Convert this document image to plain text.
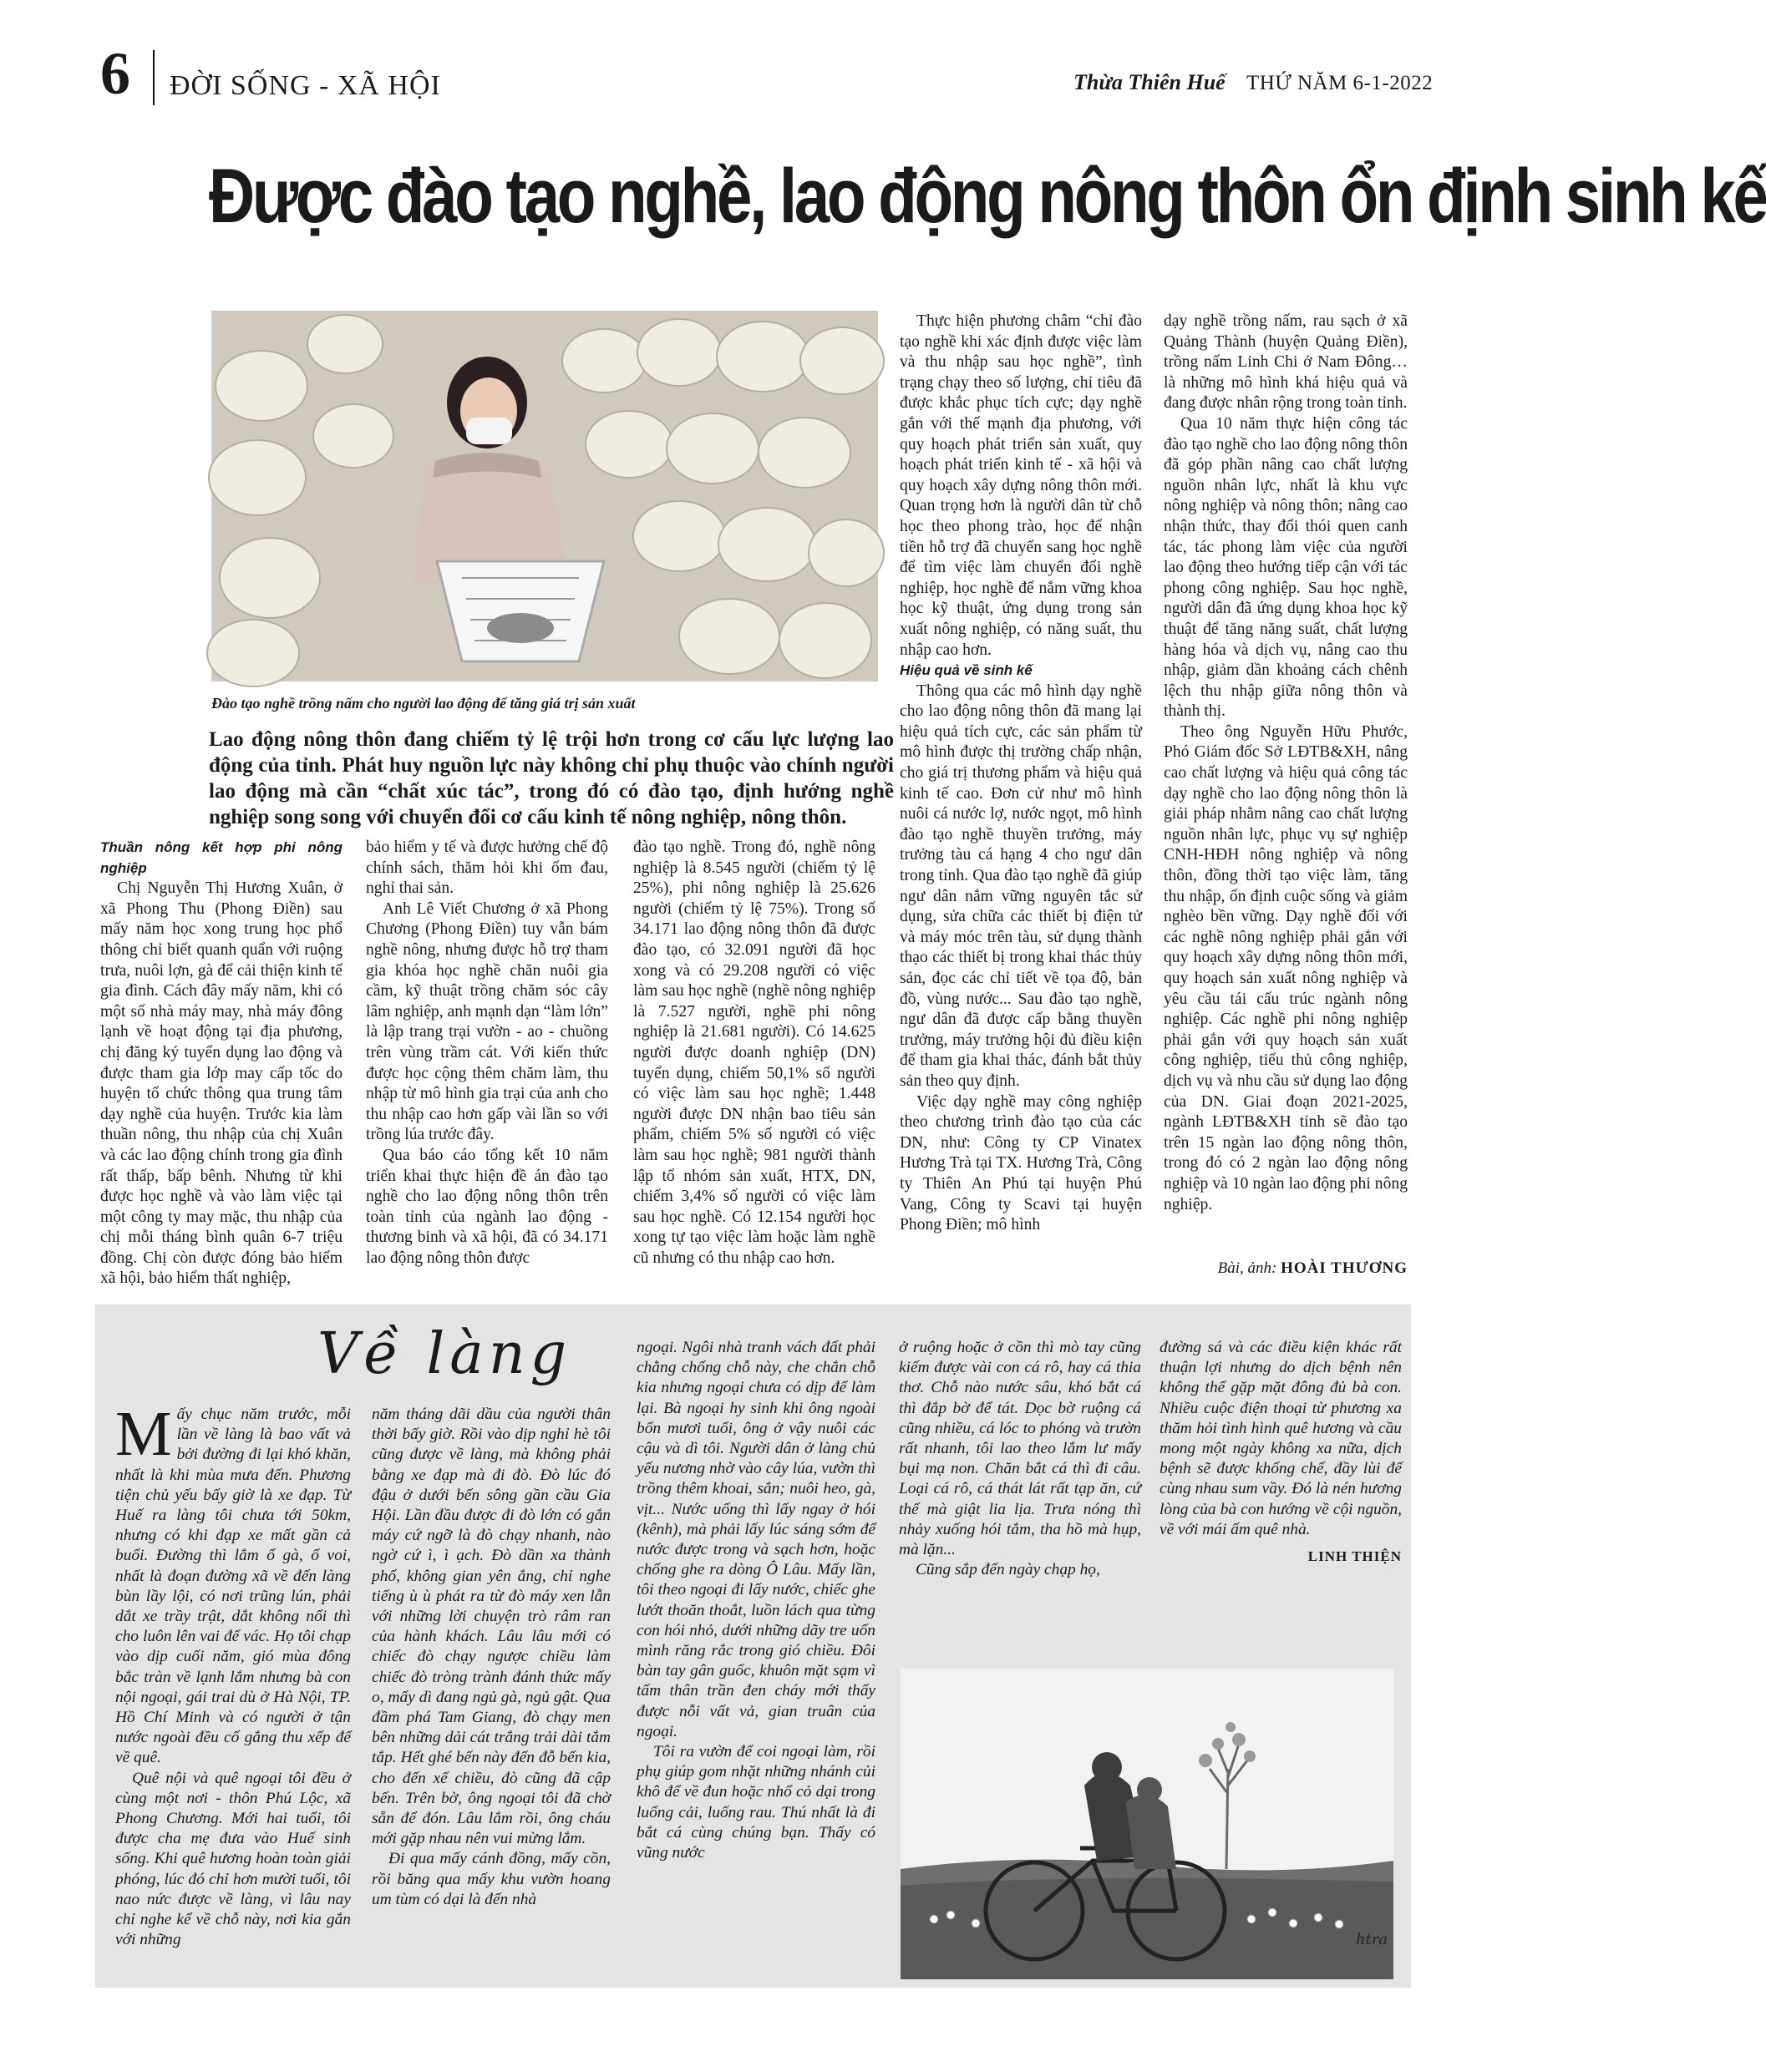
6 ĐỜI SỐNG - XÃ HỘI	Thừa Thiên Huế THỨ NĂM 6-1-2022
Được đào tạo nghề, lao động nông thôn ổn định sinh kế
Đào tạo nghề trồng nấm cho người lao động để tăng giá trị sản xuất
Lao động nông thôn đang chiếm tỷ lệ trội hơn trong cơ cấu lực lượng lao động của tỉnh. Phát huy nguồn lực này không chỉ phụ thuộc vào chính người lao động mà cần “chất xúc tác”, trong đó có đào tạo, định hướng nghề nghiệp song song với chuyển đổi cơ cấu kinh tế nông nghiệp, nông thôn.

Thuần nông kết hợp phi nông nghiệp

Chị Nguyễn Thị Hương Xuân, ở xã Phong Thu (Phong Điền) sau mấy năm học xong trung học phổ thông chỉ biết quanh quẩn với ruộng trưa, nuôi lợn, gà để cải thiện kinh tế gia đình. Cách đây mấy năm, khi có một số nhà máy may, nhà máy đông lạnh về hoạt động tại địa phương, chị đăng ký tuyển dụng lao động và được tham gia lớp may cấp tốc do huyện tổ chức thông qua trung tâm dạy nghề của huyện. Trước kia làm thuần nông, thu nhập của chị Xuân và các lao động chính trong gia đình rất thấp, bấp bênh. Nhưng từ khi được học nghề và vào làm việc tại một công ty may mặc, thu nhập của chị mỗi tháng bình quân 6-7 triệu đồng. Chị còn được đóng bảo hiểm xã hội, bảo hiểm thất nghiệp,

bảo hiểm y tế và được hưởng chế độ chính sách, thăm hỏi khi ốm đau, nghỉ thai sản.

Anh Lê Viết Chương ở xã Phong Chương (Phong Điền) tuy vẫn bám nghề nông, nhưng được hỗ trợ tham gia khóa học nghề chăn nuôi gia cầm, kỹ thuật trồng chăm sóc cây lâm nghiệp, anh mạnh dạn “làm lớn” là lập trang trại vườn - ao - chuồng trên vùng trầm cát. Với kiến thức được học cộng thêm chăm làm, thu nhập từ mô hình gia trại của anh cho thu nhập cao hơn gấp vài lần so với trồng lúa trước đây.

Qua báo cáo tổng kết 10 năm triển khai thực hiện đề án đào tạo nghề cho lao động nông thôn trên toàn tỉnh của ngành lao động - thương binh và xã hội, đã có 34.171 lao động nông thôn được

đào tạo nghề. Trong đó, nghề nông nghiệp là 8.545 người (chiếm tỷ lệ 25%), phi nông nghiệp là 25.626 người (chiếm tỷ lệ 75%). Trong số 34.171 lao động nông thôn đã được đào tạo, có 32.091 người đã học xong và có 29.208 người có việc làm sau học nghề (nghề nông nghiệp là 7.527 người, nghề phi nông nghiệp là 21.681 người). Có 14.625 người được doanh nghiệp (DN) tuyển dụng, chiếm 50,1% số người có việc làm sau học nghề; 1.448 người được DN nhận bao tiêu sản phẩm, chiếm 5% số người có việc làm sau học nghề; 981 người thành lập tổ nhóm sản xuất, HTX, DN, chiếm 3,4% số người có việc làm sau học nghề. Có 12.154 người học xong tự tạo việc làm hoặc làm nghề cũ nhưng có thu nhập cao hơn.

Thực hiện phương châm “chỉ đào tạo nghề khi xác định được việc làm và thu nhập sau học nghề”, tình trạng chạy theo số lượng, chỉ tiêu đã được khắc phục tích cực; dạy nghề gắn với thế mạnh địa phương, với quy hoạch phát triển sản xuất, quy hoạch phát triển kinh tế - xã hội và quy hoạch xây dựng nông thôn mới. Quan trọng hơn là người dân từ chỗ học theo phong trào, học để nhận tiền hỗ trợ đã chuyển sang học nghề để tìm việc làm chuyển đổi nghề nghiệp, học nghề để nắm vững khoa học kỹ thuật, ứng dụng trong sản xuất nông nghiệp, có năng suất, thu nhập cao hơn.

Hiệu quả về sinh kế

Thông qua các mô hình dạy nghề cho lao động nông thôn đã mang lại hiệu quả tích cực, các sản phẩm từ mô hình được thị trường chấp nhận, cho giá trị thương phẩm và hiệu quả kinh tế cao. Đơn cử như mô hình nuôi cá nước lợ, nước ngọt, mô hình đào tạo nghề thuyền trưởng, máy trưởng tàu cá hạng 4 cho ngư dân trong tỉnh. Qua đào tạo nghề đã giúp ngư dân nắm vững nguyên tắc sử dụng, sửa chữa các thiết bị điện tử và máy móc trên tàu, sử dụng thành thạo các thiết bị trong khai thác thủy sản, đọc các chỉ tiết về tọa độ, bản đồ, vùng nước... Sau đào tạo nghề, ngư dân đã được cấp bằng thuyền trưởng, máy trưởng hội đủ điều kiện để tham gia khai thác, đánh bắt thủy sản theo quy định.

Việc dạy nghề may công nghiệp theo chương trình đào tạo của các DN, như: Công ty CP Vinatex Hương Trà tại TX. Hương Trà, Công ty Thiên An Phú tại huyện Phú Vang, Công ty Scavi tại huyện Phong Điền; mô hình

dạy nghề trồng nấm, rau sạch ở xã Quảng Thành (huyện Quảng Điền), trồng nấm Linh Chi ở Nam Đông… là những mô hình khá hiệu quả và đang được nhân rộng trong toàn tỉnh.

Qua 10 năm thực hiện công tác đào tạo nghề cho lao động nông thôn đã góp phần nâng cao chất lượng nguồn nhân lực, nhất là khu vực nông nghiệp và nông thôn; nâng cao nhận thức, thay đổi thói quen canh tác, tác phong làm việc của người lao động theo hướng tiếp cận với tác phong công nghiệp. Sau học nghề, người dân đã ứng dụng khoa học kỹ thuật để tăng năng suất, chất lượng hàng hóa và dịch vụ, nâng cao thu nhập, giảm dần khoảng cách chênh lệch thu nhập giữa nông thôn và thành thị.

Theo ông Nguyễn Hữu Phước, Phó Giám đốc Sở LĐTB&XH, nâng cao chất lượng và hiệu quả công tác dạy nghề cho lao động nông thôn là giải pháp nhằm nâng cao chất lượng nguồn nhân lực, phục vụ sự nghiệp CNH-HĐH nông nghiệp và nông thôn, đồng thời tạo việc làm, tăng thu nhập, ổn định cuộc sống và giảm nghèo bền vững. Dạy nghề đối với các nghề nông nghiệp phải gắn với quy hoạch xây dựng nông thôn mới, quy hoạch sản xuất nông nghiệp và yêu cầu tái cấu trúc ngành nông nghiệp. Các nghề phi nông nghiệp phải gắn với quy hoạch sản xuất công nghiệp, tiểu thủ công nghiệp, dịch vụ và nhu cầu sử dụng lao động của DN. Giai đoạn 2021-2025, ngành LĐTB&XH tỉnh sẽ đào tạo trên 15 ngàn lao động nông thôn, trong đó có 2 ngàn lao động nông nghiệp và 10 ngàn lao động phi nông nghiệp.

Bài, ảnh: HOÀI THƯƠNG
Về làng

Mấy chục năm trước, mỗi lần về làng là bao vất vả bởi đường đi lại khó khăn, nhất là khi mùa mưa đến. Phương tiện chủ yếu bấy giờ là xe đạp. Từ Huế ra làng tôi chưa tới 50km, nhưng có khi đạp xe mất gần cả buổi. Đường thì lắm ổ gà, ổ voi, nhất là đoạn đường xã về đến làng bùn lầy lội, có nơi trũng lún, phải dắt xe trầy trật, dắt không nổi thì cho luôn lên vai để vác. Họ tôi chạp vào dịp cuối năm, gió mùa đông bắc tràn về lạnh lắm nhưng bà con nội ngoại, gái trai dù ở Hà Nội, TP. Hồ Chí Minh và có người ở tận nước ngoài đều cố gắng thu xếp để về quê.

Quê nội và quê ngoại tôi đều ở cùng một nơi - thôn Phú Lộc, xã Phong Chương. Mới hai tuổi, tôi được cha mẹ đưa vào Huế sinh sống. Khi quê hương hoàn toàn giải phóng, lúc đó chỉ hơn mười tuổi, tôi nao nức được về làng, vì lâu nay chỉ nghe kể về chỗ này, nơi kia gắn với những

năm tháng dãi dầu của người thân thời bấy giờ. Rồi vào dịp nghỉ hè tôi cũng được về làng, mà không phải bằng xe đạp mà đi đò. Đò lúc đó đậu ở dưới bến sông gần cầu Gia Hội. Lần đầu được đi đò lớn có gắn máy cứ ngỡ là đò chạy nhanh, nào ngờ cứ ì, ì ạch. Đò dần xa thành phố, không gian yên ắng, chỉ nghe tiếng ù ù phát ra từ đò máy xen lẫn với những lời chuyện trò râm ran của hành khách. Lâu lâu mới có chiếc đò chạy ngược chiều làm chiếc đò tròng trành đánh thức mấy o, mấy dì đang ngủ gà, ngủ gật. Qua đầm phá Tam Giang, đò chạy men bên những dải cát trắng trải dài tắm tắp. Hết ghé bến này đến đỗ bến kia, cho đến xế chiều, đò cũng đã cập bến. Trên bờ, ông ngoại tôi đã chờ sẵn để đón. Lâu lắm rồi, ông cháu mới gặp nhau nên vui mừng lắm.

Đi qua mấy cánh đồng, mấy cồn, rồi băng qua mấy khu vườn hoang um tùm có dại là đến nhà

ngoại. Ngôi nhà tranh vách đất phải chằng chống chỗ này, che chắn chỗ kia nhưng ngoại chưa có dịp để làm lại. Bà ngoại hy sinh khi ông ngoài bốn mươi tuổi, ông ở vậy nuôi các cậu và dì tôi. Người dân ở làng chủ yếu nương nhờ vào cây lúa, vườn thì trồng thêm khoai, sắn; nuôi heo, gà, vịt... Nước uống thì lấy ngay ở hói (kênh), mà phải lấy lúc sáng sớm để nước được trong và sạch hơn, hoặc chống ghe ra dòng Ô Lâu. Mấy lần, tôi theo ngoại đi lấy nước, chiếc ghe lướt thoăn thoắt, luồn lách qua từng con hói nhỏ, dưới những dãy tre uốn mình răng rắc trong gió chiều. Đôi bàn tay gân guốc, khuôn mặt sạm vì tấm thân trần đen cháy mới thấy được nỗi vất vả, gian truân của ngoại.

Tôi ra vườn để coi ngoại làm, rồi phụ giúp gom nhặt những nhánh củi khô để về đun hoặc nhổ cỏ dại trong luống cải, luống rau. Thú nhất là đi bắt cá cùng chúng bạn. Thấy có vũng nước

ở ruộng hoặc ở cồn thì mò tay cũng kiếm được vài con cá rô, hay cá thia thơ. Chỗ nào nước sâu, khó bắt cá thì đắp bờ để tát. Dọc bờ ruộng cá cũng nhiều, cá lóc to phóng và trườn rất nhanh, tôi lao theo lắm lư mấy bụi mạ non. Chăn bắt cá thì đi câu. Loại cá rô, cá thát lát rất tạp ăn, cứ thế mà giật lia lịa. Trưa nóng thì nhảy xuống hói tắm, tha hồ mà hụp, mà lặn...

Cũng sắp đến ngày chạp họ,

đường sá và các điều kiện khác rất thuận lợi nhưng do dịch bệnh nên không thể gặp mặt đông đủ bà con. Nhiều cuộc điện thoại từ phương xa thăm hỏi tình hình quê hương và cầu mong một ngày không xa nữa, dịch bệnh sẽ được khống chế, đầy lùi để cùng nhau sum vầy. Đó là nén hương lòng của bà con hướng về cội nguồn, về với mái ấm quê nhà.

LINH THIỆN
htra
